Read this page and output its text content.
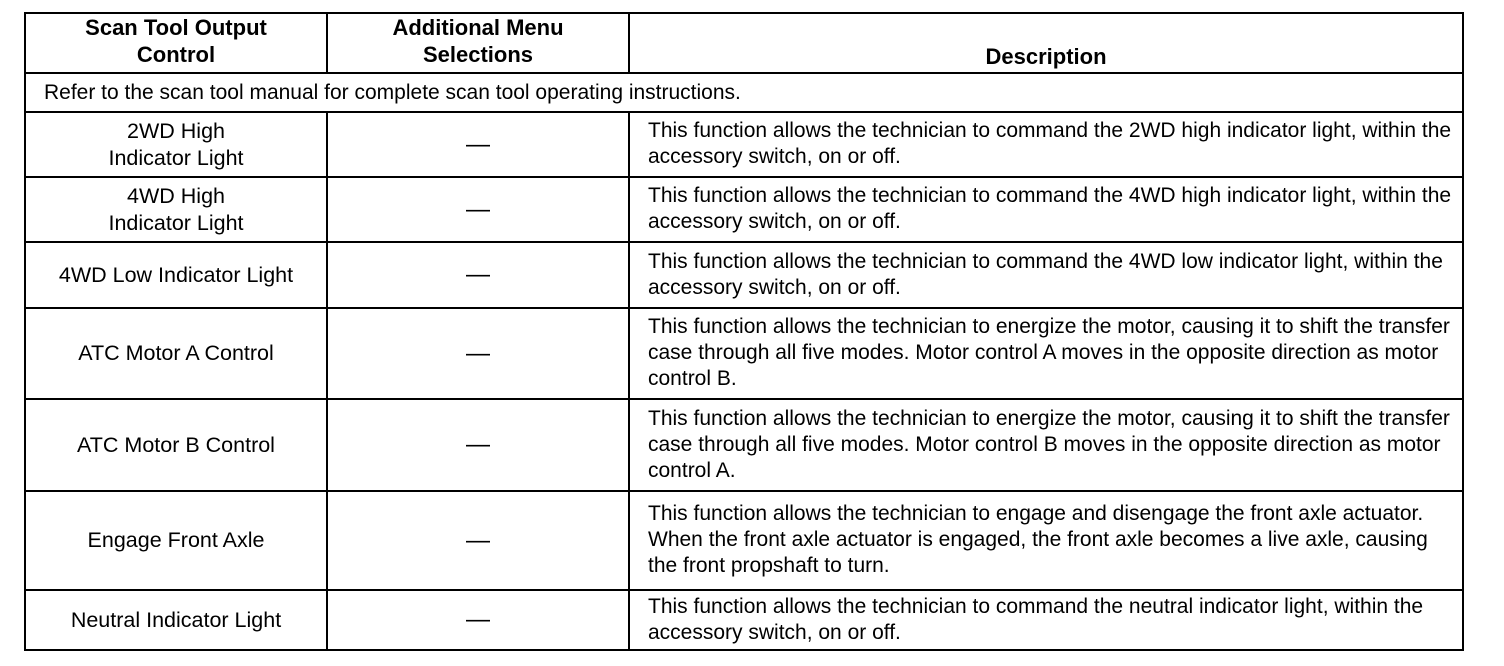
Scan Tool Output Control	Additional Menu Selections	Description
Refer to the scan tool manual for complete scan tool operating instructions.		
2WD High Indicator Light	—	This function allows the technician to command the 2WD high indicator light, within the accessory switch, on or off.
4WD High Indicator Light	—	This function allows the technician to command the 4WD high indicator light, within the accessory switch, on or off.
4WD Low Indicator Light	—	This function allows the technician to command the 4WD low indicator light, within the accessory switch, on or off.
ATC Motor A Control	—	This function allows the technician to energize the motor, causing it to shift the transfer case through all five modes. Motor control A moves in the opposite direction as motor control B.
ATC Motor B Control	—	This function allows the technician to energize the motor, causing it to shift the transfer case through all five modes. Motor control B moves in the opposite direction as motor control A.
Engage Front Axle	—	This function allows the technician to engage and disengage the front axle actuator. When the front axle actuator is engaged, the front axle becomes a live axle, causing the front propshaft to turn.
Neutral Indicator Light	—	This function allows the technician to command the neutral indicator light, within the accessory switch, on or off.
